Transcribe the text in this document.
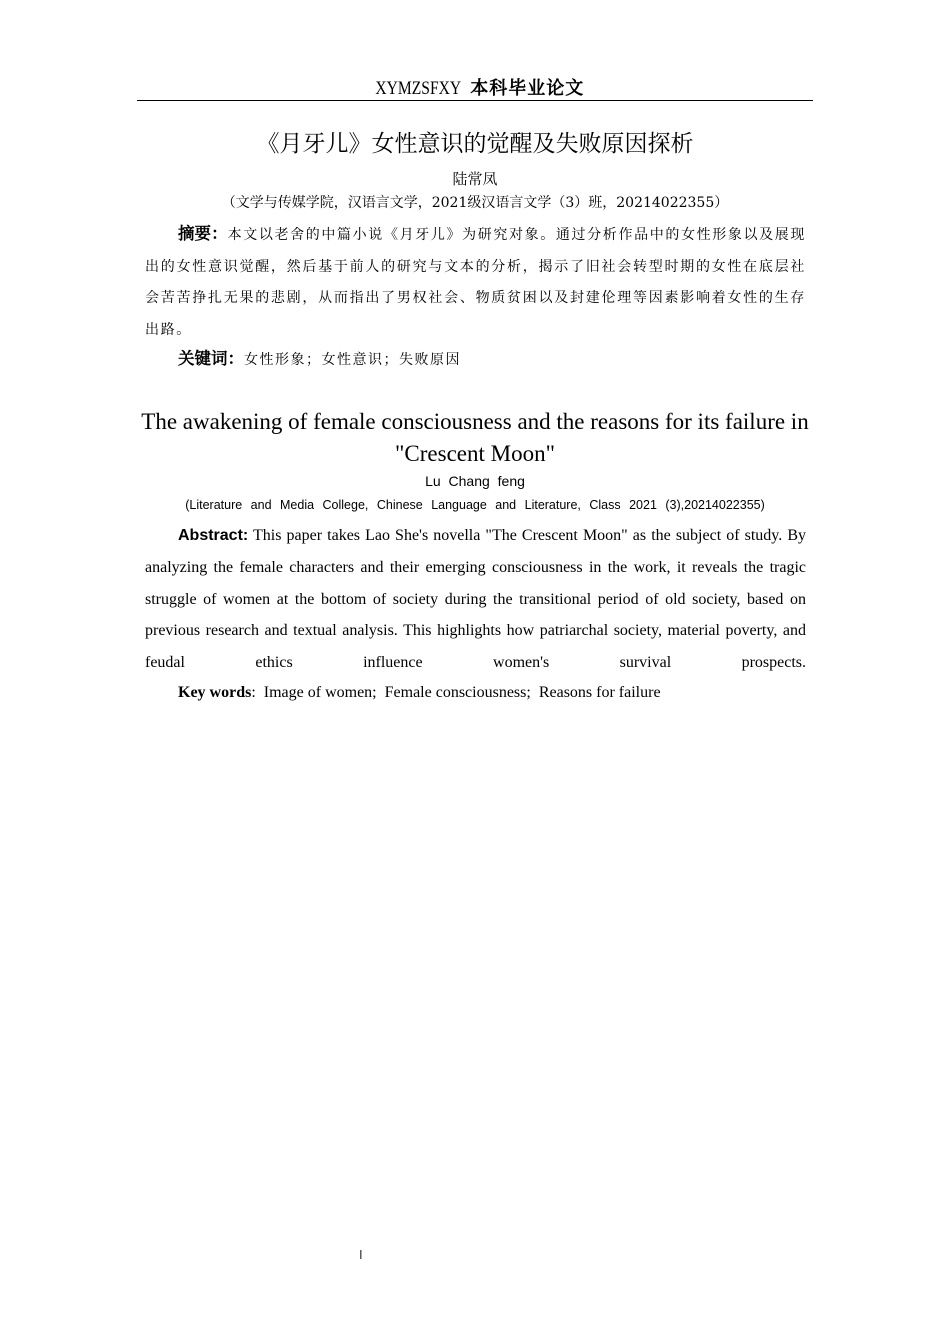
XYMZSFXY 本科毕业论文
《月牙儿》女性意识的觉醒及失败原因探析
陆常凤
（文学与传媒学院，汉语言文学，2021级汉语言文学（3）班，20214022355）
摘要：本文以老舍的中篇小说《月牙儿》为研究对象。通过分析作品中的女性形象以及展现出的女性意识觉醒，然后基于前人的研究与文本的分析，揭示了旧社会转型时期的女性在底层社会苦苦挣扎无果的悲剧，从而指出了男权社会、物质贫困以及封建伦理等因素影响着女性的生存出路。
关键词：女性形象；女性意识；失败原因
The awakening of female consciousness and the reasons for its failure in "Crescent Moon"
Lu Chang feng
(Literature and Media College, Chinese Language and Literature, Class 2021 (3),20214022355)
Abstract: This paper takes Lao She's novella "The Crescent Moon" as the subject of study. By analyzing the female characters and their emerging consciousness in the work, it reveals the tragic struggle of women at the bottom of society during the transitional period of old society, based on previous research and textual analysis. This highlights how patriarchal society, material poverty, and feudal ethics influence women's survival prospects.
Key words:  Image of women;  Female consciousness;  Reasons for failure
I
